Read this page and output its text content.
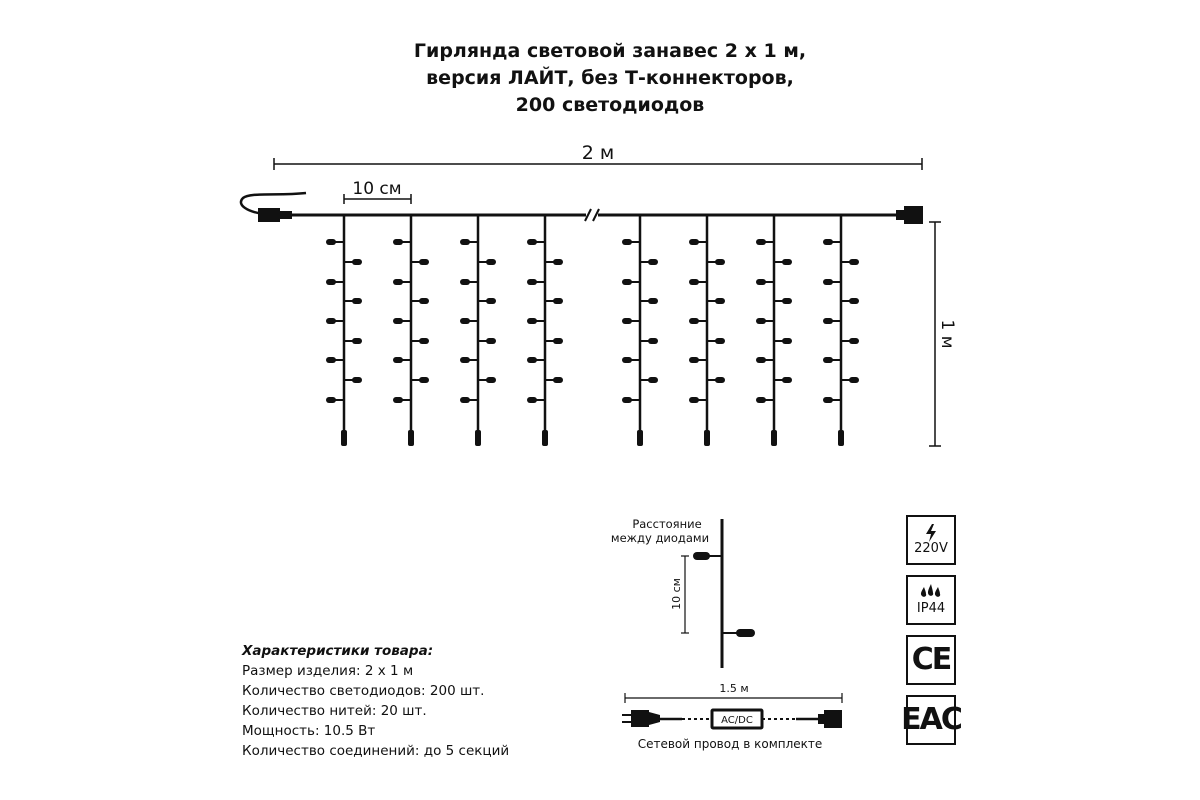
Гирлянда световой занавес 2 х 1 м,
версия ЛАЙТ, без Т-коннекторов,
200 светодиодов
2 м
10 см
1 м
Расстояние
между диодами
10 см
1.5 м
AC/DC
Сетевой провод в комплекте
Характеристики товара:
Размер изделия: 2 х 1 м
Количество светодиодов: 200 шт.
Количество нитей: 20 шт.
Мощность: 10.5 Вт
Количество соединений: до 5 секций
220V
IP44
CE
EAC
